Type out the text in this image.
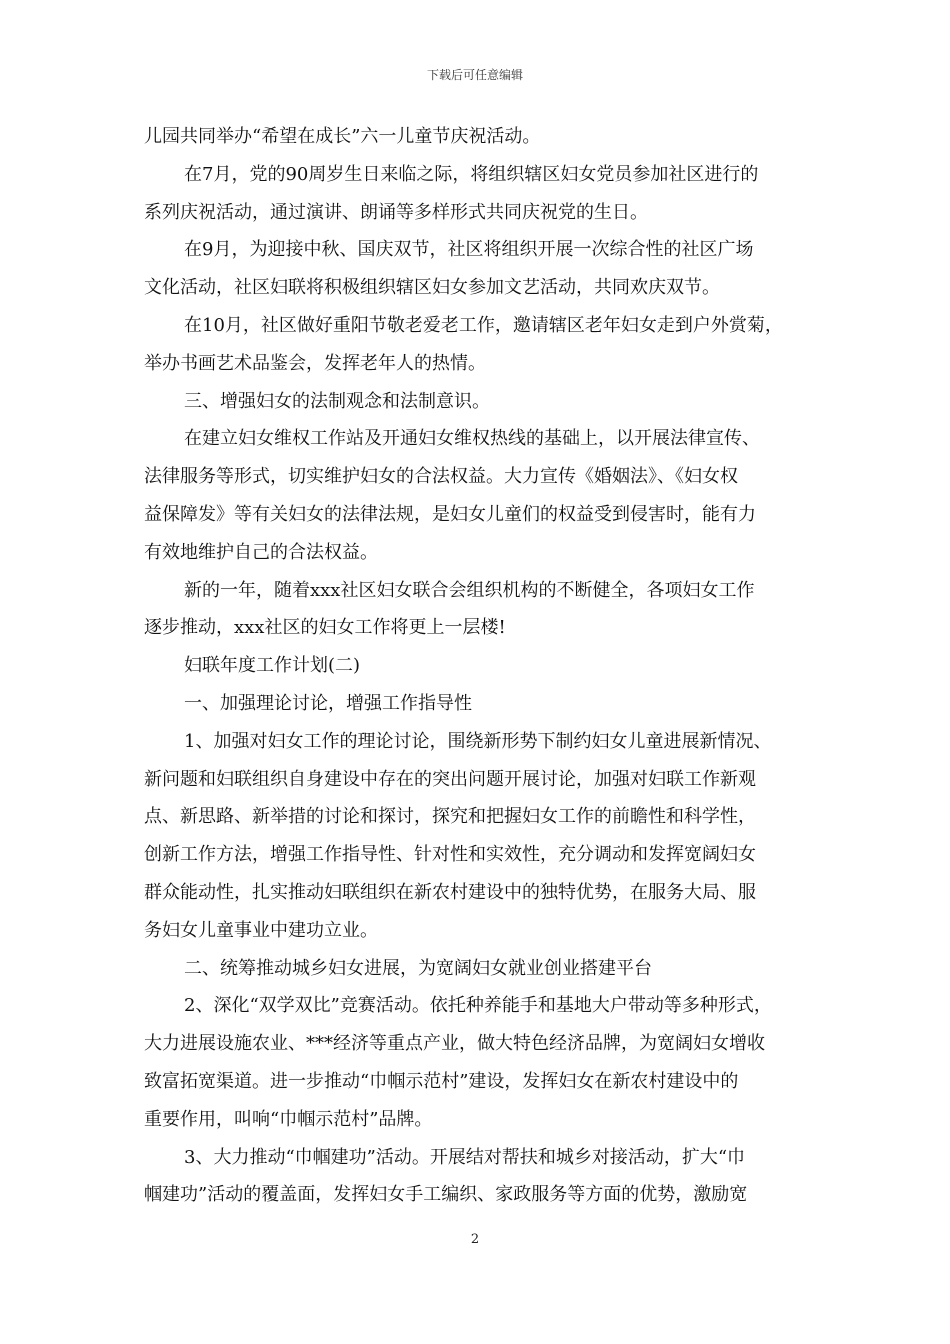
下载后可任意编辑
儿园共同举办“希望在成长”六一儿童节庆祝活动。
在7月，党的90周岁生日来临之际，将组织辖区妇女党员参加社区进行的
系列庆祝活动，通过演讲、朗诵等多样形式共同庆祝党的生日。
在9月，为迎接中秋、国庆双节，社区将组织开展一次综合性的社区广场
文化活动，社区妇联将积极组织辖区妇女参加文艺活动，共同欢庆双节。
在10月，社区做好重阳节敬老爱老工作，邀请辖区老年妇女走到户外赏菊，
举办书画艺术品鉴会，发挥老年人的热情。
三、增强妇女的法制观念和法制意识。
在建立妇女维权工作站及开通妇女维权热线的基础上，以开展法律宣传、
法律服务等形式，切实维护妇女的合法权益。大力宣传《婚姻法》、《妇女权
益保障发》等有关妇女的法律法规，是妇女儿童们的权益受到侵害时，能有力
有效地维护自己的合法权益。
新的一年，随着xxx社区妇女联合会组织机构的不断健全，各项妇女工作
逐步推动，xxx社区的妇女工作将更上一层楼!
妇联年度工作计划(二)
一、加强理论讨论，增强工作指导性
1、加强对妇女工作的理论讨论，围绕新形势下制约妇女儿童进展新情况、
新问题和妇联组织自身建设中存在的突出问题开展讨论，加强对妇联工作新观
点、新思路、新举措的讨论和探讨，探究和把握妇女工作的前瞻性和科学性，
创新工作方法，增强工作指导性、针对性和实效性，充分调动和发挥宽阔妇女
群众能动性，扎实推动妇联组织在新农村建设中的独特优势，在服务大局、服
务妇女儿童事业中建功立业。
二、统筹推动城乡妇女进展，为宽阔妇女就业创业搭建平台
2、深化“双学双比”竞赛活动。依托种养能手和基地大户带动等多种形式，
大力进展设施农业、***经济等重点产业，做大特色经济品牌，为宽阔妇女增收
致富拓宽渠道。进一步推动“巾帼示范村”建设，发挥妇女在新农村建设中的
重要作用，叫响“巾帼示范村”品牌。
3、大力推动“巾帼建功”活动。开展结对帮扶和城乡对接活动，扩大“巾
帼建功”活动的覆盖面，发挥妇女手工编织、家政服务等方面的优势，激励宽
2
